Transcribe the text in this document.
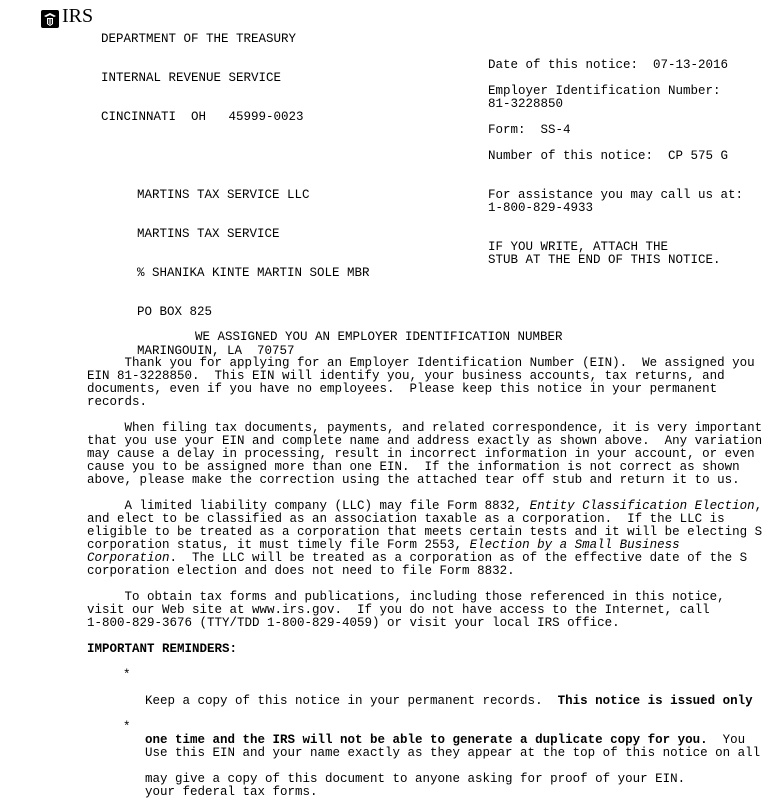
IRS

DEPARTMENT OF THE TREASURY

INTERNAL REVENUE SERVICE

CINCINNATI  OH   45999-0023

Date of this notice:  07-13-2016
Employer Identification Number:
81-3228850
Form:  SS-4
Number of this notice:  CP 575 G
For assistance you may call us at:
1-800-829-4933
IF YOU WRITE, ATTACH THE
STUB AT THE END OF THIS NOTICE.

MARTINS TAX SERVICE LLC

MARTINS TAX SERVICE

% SHANIKA KINTE MARTIN SOLE MBR

PO BOX 825

MARINGOUIN, LA  70757

WE ASSIGNED YOU AN EMPLOYER IDENTIFICATION NUMBER

Thank you for applying for an Employer Identification Number (EIN).  We assigned you

EIN 81-3228850.  This EIN will identify you, your business accounts, tax returns, and

documents, even if you have no employees.  Please keep this notice in your permanent

records.

When filing tax documents, payments, and related correspondence, it is very important

that you use your EIN and complete name and address exactly as shown above.  Any variation

may cause a delay in processing, result in incorrect information in your account, or even

cause you to be assigned more than one EIN.  If the information is not correct as shown

above, please make the correction using the attached tear off stub and return it to us.

A limited liability company (LLC) may file Form 8832, Entity Classification Election,

and elect to be classified as an association taxable as a corporation.  If the LLC is

eligible to be treated as a corporation that meets certain tests and it will be electing S

corporation status, it must timely file Form 2553, Election by a Small Business

Corporation.  The LLC will be treated as a corporation as of the effective date of the S

corporation election and does not need to file Form 8832.

To obtain tax forms and publications, including those referenced in this notice,

visit our Web site at www.irs.gov.  If you do not have access to the Internet, call

1-800-829-3676 (TTY/TDD 1-800-829-4059) or visit your local IRS office.

IMPORTANT REMINDERS:
*

Keep a copy of this notice in your permanent records.  This notice is issued only

one time and the IRS will not be able to generate a duplicate copy for you.  You

may give a copy of this document to anyone asking for proof of your EIN.

*

Use this EIN and your name exactly as they appear at the top of this notice on all

your federal tax forms.
